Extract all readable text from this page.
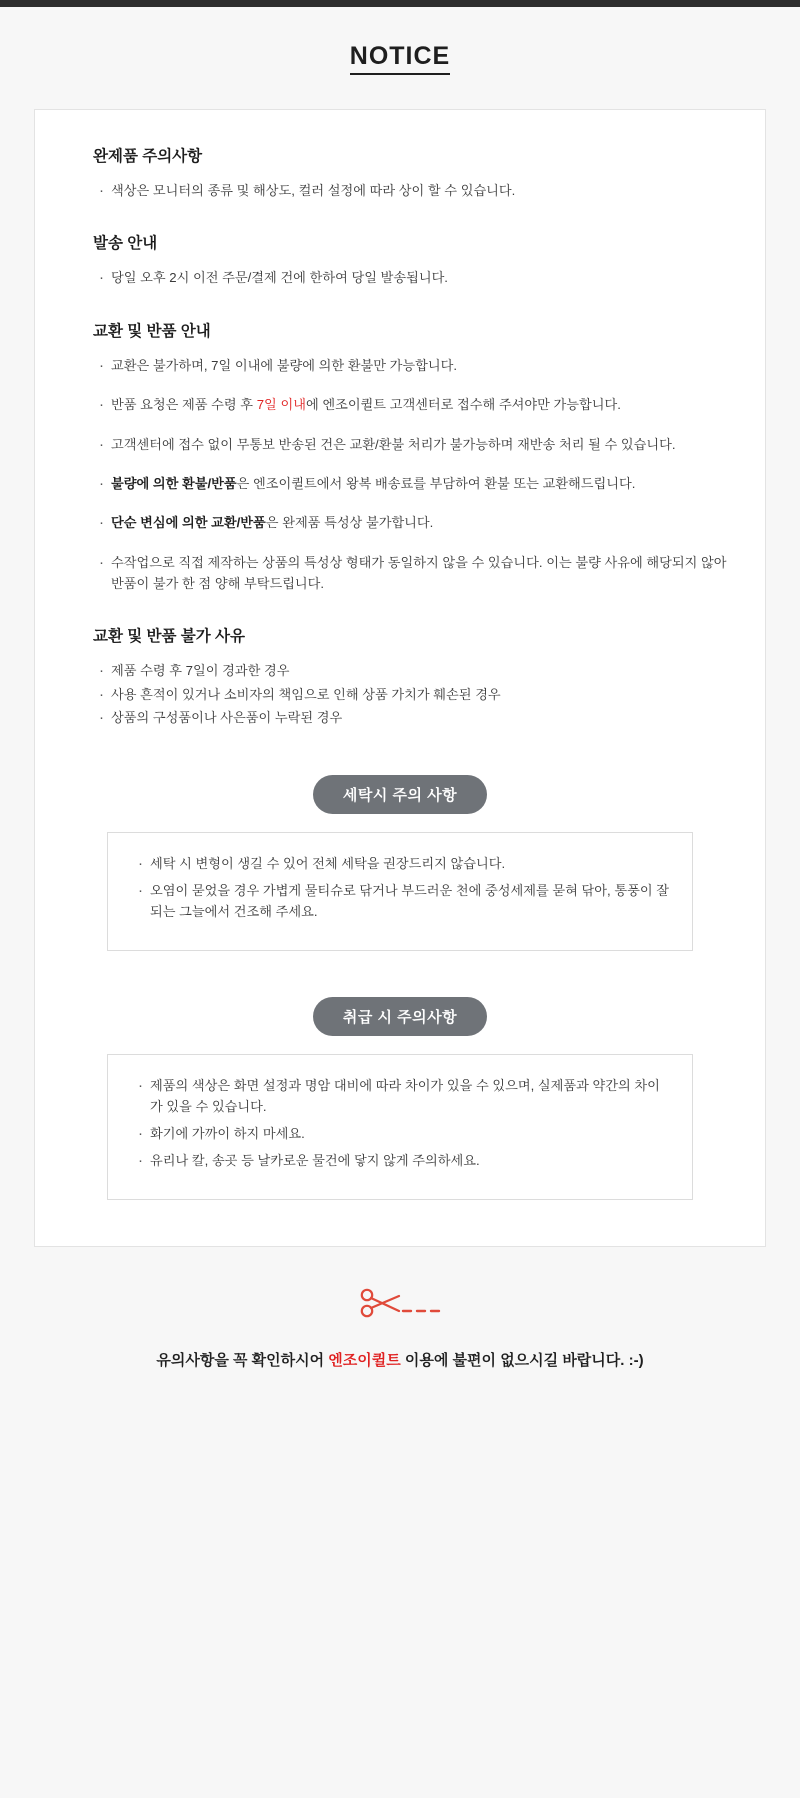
NOTICE
완제품 주의사항
· 색상은 모니터의 종류 및 해상도, 컬러 설정에 따라 상이 할 수 있습니다.
발송 안내
· 당일 오후 2시 이전 주문/결제 건에 한하여 당일 발송됩니다.
교환 및 반품 안내
· 교환은 불가하며, 7일 이내에 불량에 의한 환불만 가능합니다.
· 반품 요청은 제품 수령 후 7일 이내에 엔조이퀼트 고객센터로 접수해 주셔야만 가능합니다.
· 고객센터에 접수 없이 무통보 반송된 건은 교환/환불 처리가 불가능하며 재반송 처리 될 수 있습니다.
· 불량에 의한 환불/반품은 엔조이퀼트에서 왕복 배송료를 부담하여 환불 또는 교환해드립니다.
· 단순 변심에 의한 교환/반품은 완제품 특성상 불가합니다.
· 수작업으로 직접 제작하는 상품의 특성상 형태가 동일하지 않을 수 있습니다. 이는 불량 사유에 해당되지 않아 반품이 불가 한 점 양해 부탁드립니다.
교환 및 반품 불가 사유
· 제품 수령 후 7일이 경과한 경우
· 사용 흔적이 있거나 소비자의 책임으로 인해 상품 가치가 훼손된 경우
· 상품의 구성품이나 사은품이 누락된 경우
세탁시 주의 사항
· 세탁 시 변형이 생길 수 있어 전체 세탁을 권장드리지 않습니다.
· 오염이 묻었을 경우 가볍게 물티슈로 닦거나 부드러운 천에 중성세제를 묻혀 닦아, 통풍이 잘 되는 그늘에서 건조해 주세요.
취급 시 주의사항
· 제품의 색상은 화면 설정과 명암 대비에 따라 차이가 있을 수 있으며, 실제품과 약간의 차이가 있을 수 있습니다.
· 화기에 가까이 하지 마세요.
· 유리나 칼, 송곳 등 날카로운 물건에 닿지 않게 주의하세요.
유의사항을 꼭 확인하시어 엔조이퀼트 이용에 불편이 없으시길 바랍니다. :-)
